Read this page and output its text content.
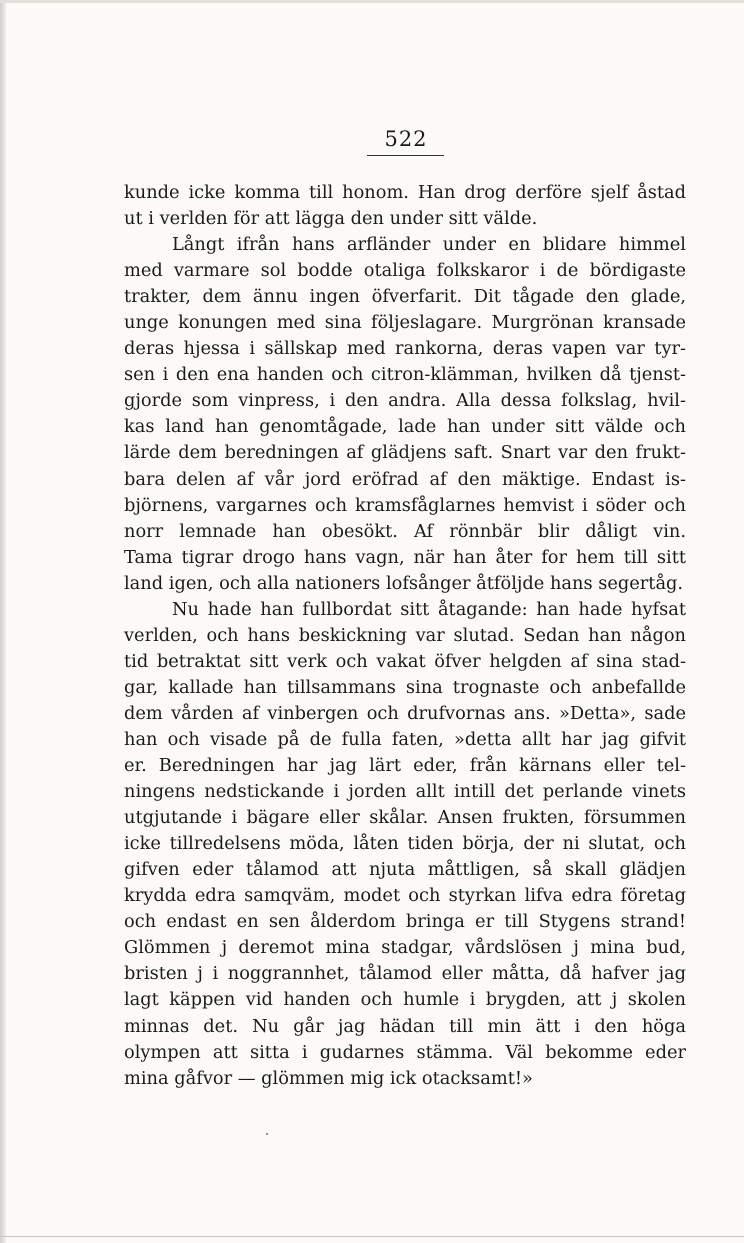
522
kunde icke komma till honom. Han drog derföre sjelf åstad
ut i verlden för att lägga den under sitt välde.
Långt ifrån hans arfländer under en blidare himmel
med varmare sol bodde otaliga folkskaror i de bördigaste
trakter, dem ännu ingen öfverfarit. Dit tågade den glade,
unge konungen med sina följeslagare. Murgrönan kransade
deras hjessa i sällskap med rankorna, deras vapen var tyr-
sen i den ena handen och citron-klämman, hvilken då tjenst-
gjorde som vinpress, i den andra. Alla dessa folkslag, hvil-
kas land han genomtågade, lade han under sitt välde och
lärde dem beredningen af glädjens saft. Snart var den frukt-
bara delen af vår jord eröfrad af den mäktige. Endast is-
björnens, vargarnes och kramsfåglarnes hemvist i söder och
norr lemnade han obesökt. Af rönnbär blir dåligt vin.
Tama tigrar drogo hans vagn, när han åter for hem till sitt
land igen, och alla nationers lofsånger åtföljde hans segertåg.
Nu hade han fullbordat sitt åtagande: han hade hyfsat
verlden, och hans beskickning var slutad. Sedan han någon
tid betraktat sitt verk och vakat öfver helgden af sina stad-
gar, kallade han tillsammans sina trognaste och anbefallde
dem vården af vinbergen och drufvornas ans. »Detta», sade
han och visade på de fulla faten, »detta allt har jag gifvit
er. Beredningen har jag lärt eder, från kärnans eller tel-
ningens nedstickande i jorden allt intill det perlande vinets
utgjutande i bägare eller skålar. Ansen frukten, försummen
icke tillredelsens möda, låten tiden börja, der ni slutat, och
gifven eder tålamod att njuta måttligen, så skall glädjen
krydda edra samqväm, modet och styrkan lifva edra företag
och endast en sen ålderdom bringa er till Stygens strand!
Glömmen j deremot mina stadgar, vårdslösen j mina bud,
bristen j i noggrannhet, tålamod eller måtta, då hafver jag
lagt käppen vid handen och humle i brygden, att j skolen
minnas det. Nu går jag hädan till min ätt i den höga
olympen att sitta i gudarnes stämma. Väl bekomme eder
mina gåfvor — glömmen mig ick otacksamt!»
